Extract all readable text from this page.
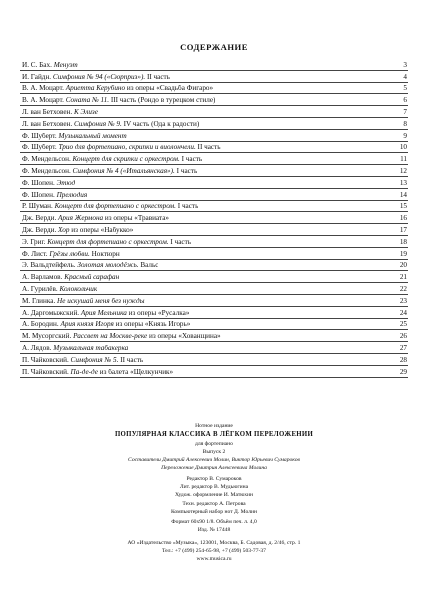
СОДЕРЖАНИЕ
И. С. Бах. Менуэт	3
Й. Гайдн. Симфония № 94 («Сюрприз»). II часть	4
В. А. Моцарт. Ариетта Керубино из оперы «Свадьба Фигаро»	5
В. А. Моцарт. Соната № 11. III часть (Рондо в турецком стиле)	6
Л. ван Бетховен. К Элизе	7
Л. ван Бетховен. Симфония № 9. IV часть (Ода к радости)	8
Ф. Шуберт. Музыкальный момент	9
Ф. Шуберт. Трио для фортепиано, скрипки и виолончели. II часть	10
Ф. Мендельсон. Концерт для скрипки с оркестром. I часть	11
Ф. Мендельсон. Симфония № 4 («Итальянская»). I часть	12
Ф. Шопен. Этюд	13
Ф. Шопен. Прелюдия	14
Р. Шуман. Концерт для фортепиано с оркестром. I часть	15
Дж. Верди. Ария Жермона из оперы «Травиата»	16
Дж. Верди. Хор из оперы «Набукко»	17
Э. Григ. Концерт для фортепиано с оркестром. I часть	18
Ф. Лист. Грёзы любви. Ноктюрн	19
Э. Вальдтейфель. Золотая молодёжь. Вальс	20
А. Варламов. Красный сарафан	21
А. Гурилёв. Колокольчик	22
М. Глинка. Не искушай меня без нужды	23
А. Даргомыжский. Ария Мельника из оперы «Русалка»	24
А. Бородин. Ария князя Игоря из оперы «Князь Игорь»	25
М. Мусоргский. Рассвет на Москве-реке из оперы «Хованщина»	26
А. Лядов. Музыкальная табакерка	27
П. Чайковский. Симфония № 5. II часть	28
П. Чайковский. Па-де-де из балета «Щелкунчик»	29
Нотное издание
ПОПУЛЯРНАЯ КЛАССИКА В ЛЁГКОМ ПЕРЕЛОЖЕНИИ
для фортепиано
Выпуск 2
Составители Дмитрий Алексеевич Молин, Виктор Юрьевич Сумароков
Переложение Дмитрия Алексеевича Молина
Редактор В. Сумароков
Лит. редактор В. Мудьюгина
Худож. оформление И. Матюхин
Техн. редактор А. Петрова
Компьютерный набор нот Д. Молин
Формат 60х90 1/8. Объём печ. л. 4,0
Изд. № 17448
АО «Издательство «Музыка», 123001, Москва, Б. Садовая, д. 2/46, стр. 1
Тел.: +7 (499) 254-65-98, +7 (499) 503-77-37
www.musica.ru
